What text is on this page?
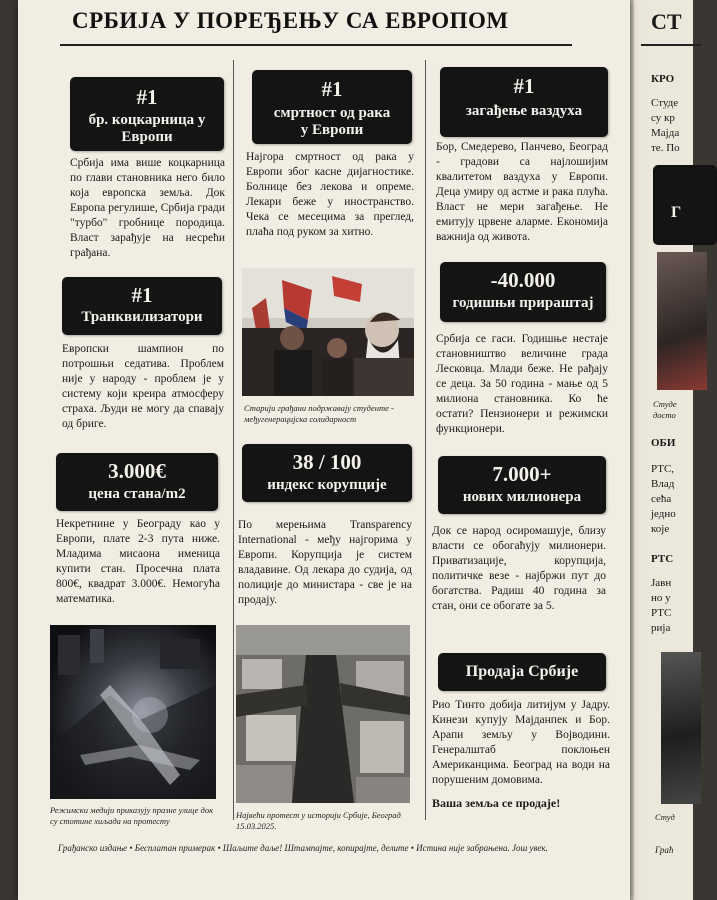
СТ
КРО
Студе
су кр
Мајда
те. По
Г
Студе
досто
ОБИ
РТС,
Влад
сећа
једно
које
РТС
Јавн
но у
РТС
рија
Студ
Граћ
СРБИЈА У ПОРЕЂЕЊУ СА ЕВРОПОМ
#1
бр. коцкарница у Европи
Србија има више коцкарница по глави становника него било која европска земља. Док Европа регулише, Србија гради "турбо" гробнице породица. Власт зарађује на несрећи грађана.
#1
Транквилизатори
Европски шампион по потрошњи седатива. Проблем није у народу - проблем је у систему који креира атмосферу страха. Људи не могу да спавају од бриге.
3.000€
цена стана/m2
Некретнине у Београду као у Европи, плате 2-3 пута ниже. Младима мисаона именица купити стан. Просечна плата 800€, квадрат 3.000€. Немогућа математика.
Режимски медији приказују празне улице док су стотине хиљада на протесту
#1
смртност од рака у Европи
Најгора смртност од рака у Европи због касне дијагностике. Болнице без лекова и опреме. Лекари беже у иностранство. Чека се месецима за преглед, плаћа под руком за хитно.
Старији грађани подржавају студенте - међугенерацијска солидарност
38 / 100
индекс корупције
По мерењима Transparency International - међу најгорима у Европи. Корупција је систем владавине. Од лекара до судија, од полиције до министара - све је на продају.
Највећи протест у историји Србије, Београд 15.03.2025.
#1
загађење ваздуха
Бор, Смедерево, Панчево, Београд - градови са најлошијим квалитетом ваздуха у Европи. Деца умиру од астме и рака плућа. Власт не мери загађење. Не емитују црвене аларме. Економија важнија од живота.
-40.000
годишњи прираштај
Србија се гаси. Годишње нестаје становништво величине града Лесковца. Млади беже. Не рађају се деца. За 50 година - мање од 5 милиона становника. Ко ће остати? Пензионери и режимски функционери.
7.000+
нових милионера
Док се народ осиромашује, близу власти се обогаћују милионери. Приватизације, корупција, политичке везе - најбржи пут до богатства. Радиш 40 година за стан, они се обогате за 5.
Продаја Србије
Рио Тинто добија литијум у Јадру. Кинези купују Мајданпек и Бор. Арапи земљу у Војводини. Генералштаб поклоњен Американцима. Београд на води на порушеним домовима.
Ваша земља се продаје!
Грађанско издање • Бесплатан примерак • Шаљите даље! Штампајте, копирајте, делите • Истина није забрањена. Још увек.
